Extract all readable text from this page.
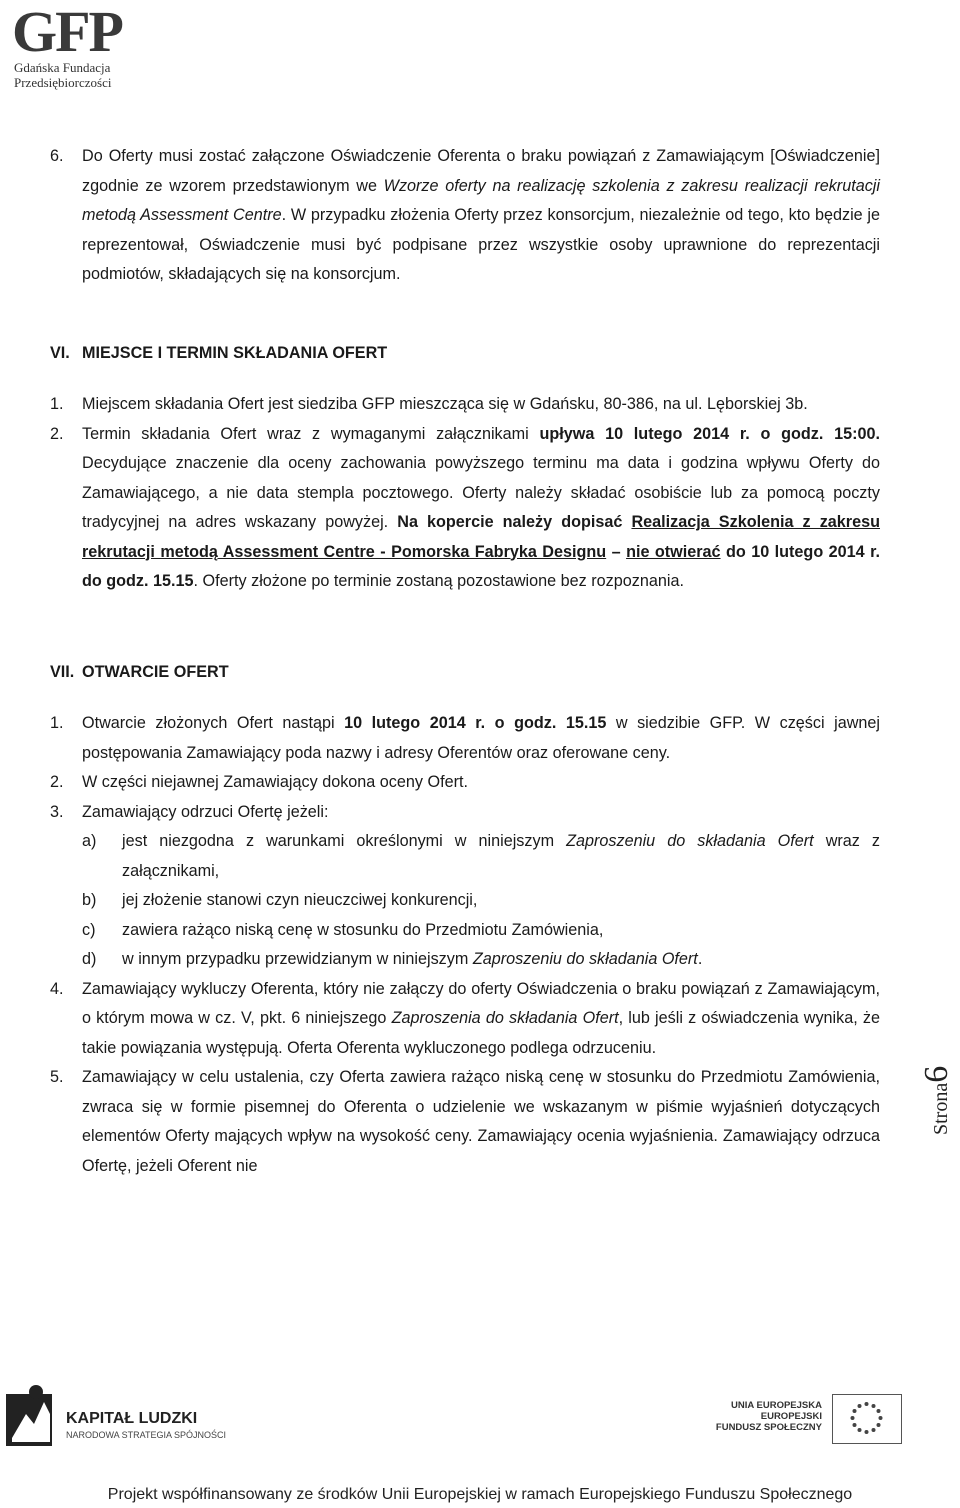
GFP
Gdańska Fundacja
Przedsiębiorczości
Strona6
6. Do Oferty musi zostać załączone Oświadczenie Oferenta o braku powiązań z Zamawiającym [Oświadczenie] zgodnie ze wzorem przedstawionym we Wzorze oferty na realizację szkolenia z zakresu realizacji rekrutacji metodą Assessment Centre. W przypadku złożenia Oferty przez konsorcjum, niezależnie od tego, kto będzie je reprezentował, Oświadczenie musi być podpisane przez wszystkie osoby uprawnione do reprezentacji podmiotów, składających się na konsorcjum.
VI. MIEJSCE I TERMIN SKŁADANIA OFERT
1. Miejscem składania Ofert jest siedziba GFP mieszcząca się w Gdańsku, 80-386, na ul. Lęborskiej 3b.
2. Termin składania Ofert wraz z wymaganymi załącznikami upływa 10 lutego 2014 r. o godz. 15:00. Decydujące znaczenie dla oceny zachowania powyższego terminu ma data i godzina wpływu Oferty do Zamawiającego, a nie data stempla pocztowego. Oferty należy składać osobiście lub za pomocą poczty tradycyjnej na adres wskazany powyżej. Na kopercie należy dopisać Realizacja Szkolenia z zakresu rekrutacji metodą Assessment Centre - Pomorska Fabryka Designu – nie otwierać do 10 lutego 2014 r. do godz. 15.15. Oferty złożone po terminie zostaną pozostawione bez rozpoznania.
VII. OTWARCIE OFERT
1. Otwarcie złożonych Ofert nastąpi 10 lutego 2014 r. o godz. 15.15 w siedzibie GFP. W części jawnej postępowania Zamawiający poda nazwy i adresy Oferentów oraz oferowane ceny.
2. W części niejawnej Zamawiający dokona oceny Ofert.
3. Zamawiający odrzuci Ofertę jeżeli:
a) jest niezgodna z warunkami określonymi w niniejszym Zaproszeniu do składania Ofert wraz z załącznikami,
b) jej złożenie stanowi czyn nieuczciwej konkurencji,
c) zawiera rażąco niską cenę w stosunku do Przedmiotu Zamówienia,
d) w innym przypadku przewidzianym w niniejszym Zaproszeniu do składania Ofert.
4. Zamawiający wykluczy Oferenta, który nie załączy do oferty Oświadczenia o braku powiązań z Zamawiającym, o którym mowa w cz. V, pkt. 6 niniejszego Zaproszenia do składania Ofert, lub jeśli z oświadczenia wynika, że takie powiązania występują. Oferta Oferenta wykluczonego podlega odrzuceniu.
5. Zamawiający w celu ustalenia, czy Oferta zawiera rażąco niską cenę w stosunku do Przedmiotu Zamówienia, zwraca się w formie pisemnej do Oferenta o udzielenie we wskazanym w piśmie wyjaśnień dotyczących elementów Oferty mających wpływ na wysokość ceny. Zamawiający ocenia wyjaśnienia. Zamawiający odrzuca Ofertę, jeżeli Oferent nie
KAPITAŁ LUDZKI
NARODOWA STRATEGIA SPÓJNOŚCI
UNIA EUROPEJSKA
EUROPEJSKI
FUNDUSZ SPOŁECZNY
Projekt współfinansowany ze środków Unii Europejskiej w ramach Europejskiego Funduszu Społecznego
